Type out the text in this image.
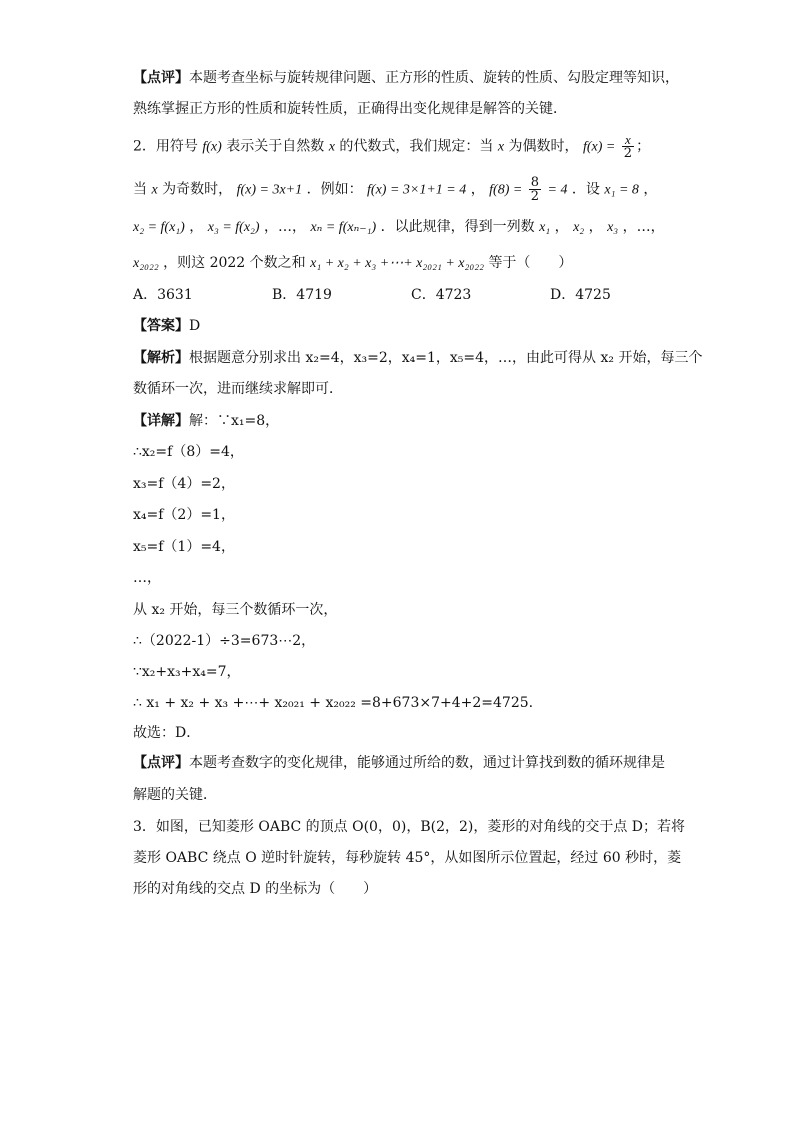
【点评】本题考查坐标与旋转规律问题、正方形的性质、旋转的性质、勾股定理等知识，
熟练掌握正方形的性质和旋转性质，正确得出变化规律是解答的关键．
2．用符号 f(x) 表示关于自然数 x 的代数式，我们规定：当 x 为偶数时， $f(x) = \frac{x}{2}$ ；
当 x 为奇数时， f(x) = 3x+1 ．例如： f(x) = 3×1+1 = 4 ， $f(8) = \frac{8}{2} = 4$ ．设 x₁ = 8 ，
x₂ = f(x₁) ， x₃ = f(x₂) ，…， xₙ = f(xₙ₋₁) ．以此规律，得到一列数 x₁ ， x₂ ， x₃ ，…，
x₂₀₂₂ ，则这 2022 个数之和 x₁ + x₂ + x₃ +⋯+ x₂₀₂₁ + x₂₀₂₂ 等于（　　）
A．3631	B．4719	C．4723	D．4725
【答案】D
【解析】根据题意分别求出 x₂=4，x₃=2，x₄=1，x₅=4，…，由此可得从 x₂ 开始，每三个
数循环一次，进而继续求解即可．
【详解】解：∵x₁=8，
∴x₂=f（8）=4，
x₃=f（4）=2，
x₄=f（2）=1，
x₅=f（1）=4，
…，
从 x₂ 开始，每三个数循环一次，
∴（2022-1）÷3=673⋯2，
∵x₂+x₃+x₄=7，
∴ x₁ + x₂ + x₃ +⋯+ x₂₀₂₁ + x₂₀₂₂ =8+673×7+4+2=4725.
故选：D．
【点评】本题考查数字的变化规律，能够通过所给的数，通过计算找到数的循环规律是
解题的关键．
3．如图，已知菱形 OABC 的顶点 O(0，0)，B(2，2)，菱形的对角线的交于点 D；若将
菱形 OABC 绕点 O 逆时针旋转，每秒旋转 45°，从如图所示位置起，经过 60 秒时，菱
形的对角线的交点 D 的坐标为（　　）
